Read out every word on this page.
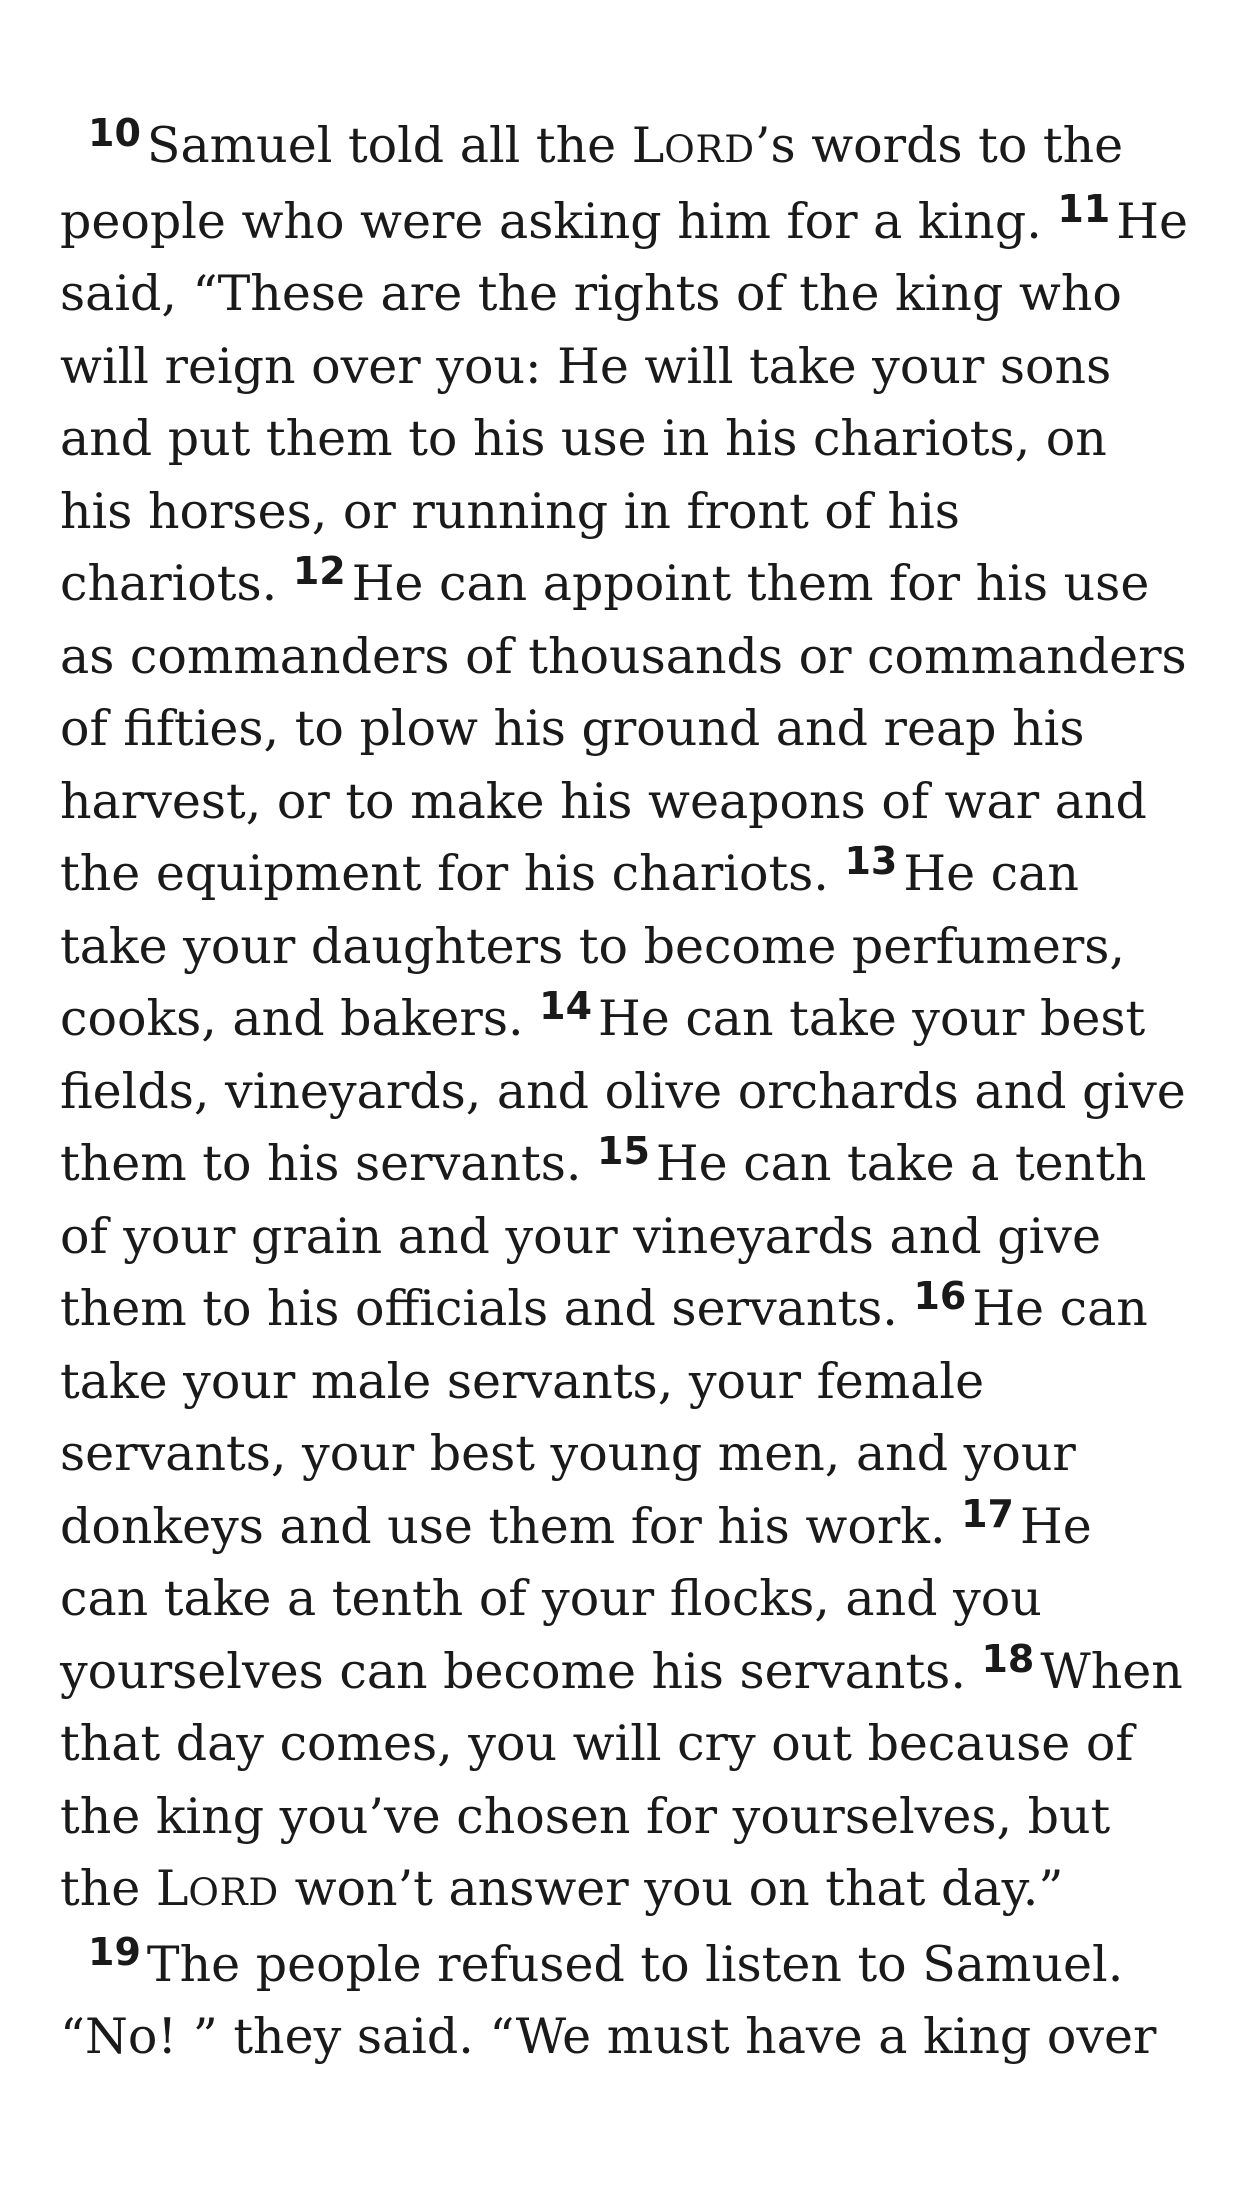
$^{10}$ Samuel told all the LORD’s words to the people who were asking him for a king. $^{11}$ He said, “These are the rights of the king who will reign over you: He will take your sons and put them to his use in his chariots, on his horses, or running in front of his chariots. $^{12}$ He can appoint them for his use as commanders of thousands or commanders of fifties, to plow his ground and reap his harvest, or to make his weapons of war and the equipment for his chariots. $^{13}$ He can take your daughters to become perfumers, cooks, and bakers. $^{14}$ He can take your best fields, vineyards, and olive orchards and give them to his servants. $^{15}$ He can take a tenth of your grain and your vineyards and give them to his officials and servants. $^{16}$ He can take your male servants, your female servants, your best young men, and your donkeys and use them for his work. $^{17}$ He can take a tenth of your flocks, and you yourselves can become his servants. $^{18}$ When that day comes, you will cry out because of the king you’ve chosen for yourselves, but the LORD won’t answer you on that day.”

$^{19}$ The people refused to listen to Samuel. “No! ” they said. “We must have a king over
